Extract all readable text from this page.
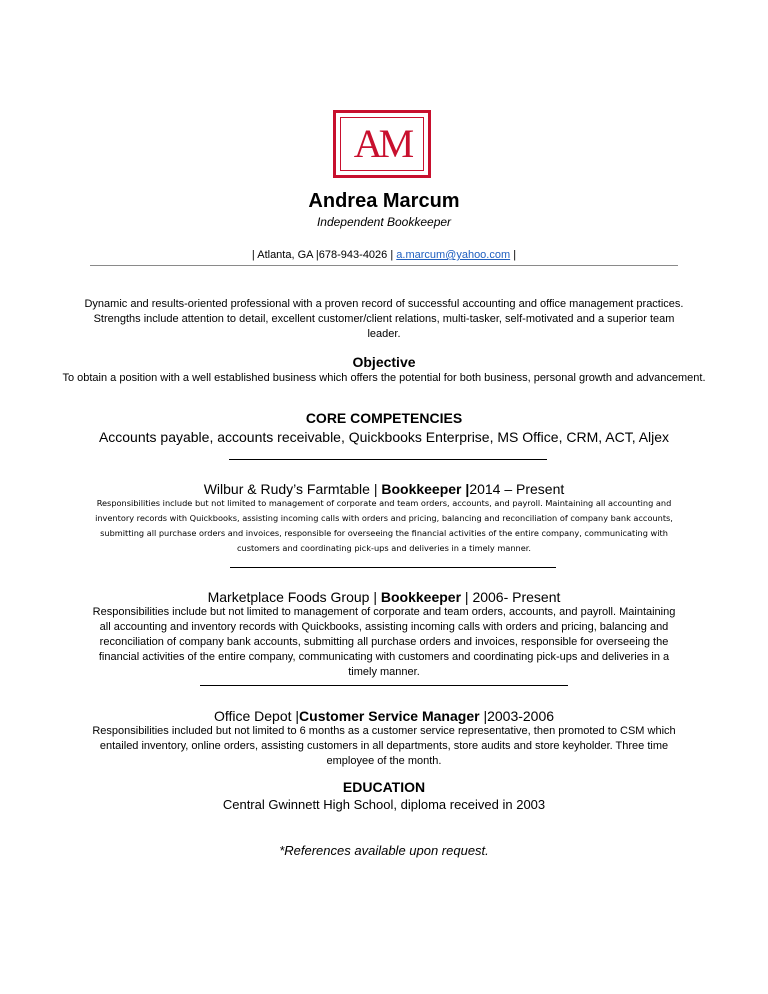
AM
Andrea Marcum
Independent Bookkeeper
| Atlanta, GA |678-943-4026 | a.marcum@yahoo.com |
Dynamic and results-oriented professional with a proven record of successful accounting and office management practices. Strengths include attention to detail, excellent customer/client relations, multi-tasker, self-motivated and a superior team leader.
Objective
To obtain a position with a well established business which offers the potential for both business, personal growth and advancement.
CORE COMPETENCIES
Accounts payable, accounts receivable, Quickbooks Enterprise, MS Office, CRM, ACT, Aljex
Wilbur & Rudy’s Farmtable | Bookkeeper |2014 – Present
Responsibilities include but not limited to management of corporate and team orders, accounts, and payroll. Maintaining all accounting and inventory records with Quickbooks, assisting incoming calls with orders and pricing, balancing and reconciliation of company bank accounts, submitting all purchase orders and invoices, responsible for overseeing the financial activities of the entire company, communicating with customers and coordinating pick-ups and deliveries in a timely manner.
Marketplace Foods Group | Bookkeeper | 2006- Present
Responsibilities include but not limited to management of corporate and team orders, accounts, and payroll. Maintaining all accounting and inventory records with Quickbooks, assisting incoming calls with orders and pricing, balancing and reconciliation of company bank accounts, submitting all purchase orders and invoices, responsible for overseeing the financial activities of the entire company, communicating with customers and coordinating pick-ups and deliveries in a timely manner.
Office Depot |Customer Service Manager |2003-2006
Responsibilities included but not limited to 6 months as a customer service representative, then promoted to CSM which entailed inventory, online orders, assisting customers in all departments, store audits and store keyholder. Three time employee of the month.
EDUCATION
Central Gwinnett High School, diploma received in 2003
*References available upon request.
